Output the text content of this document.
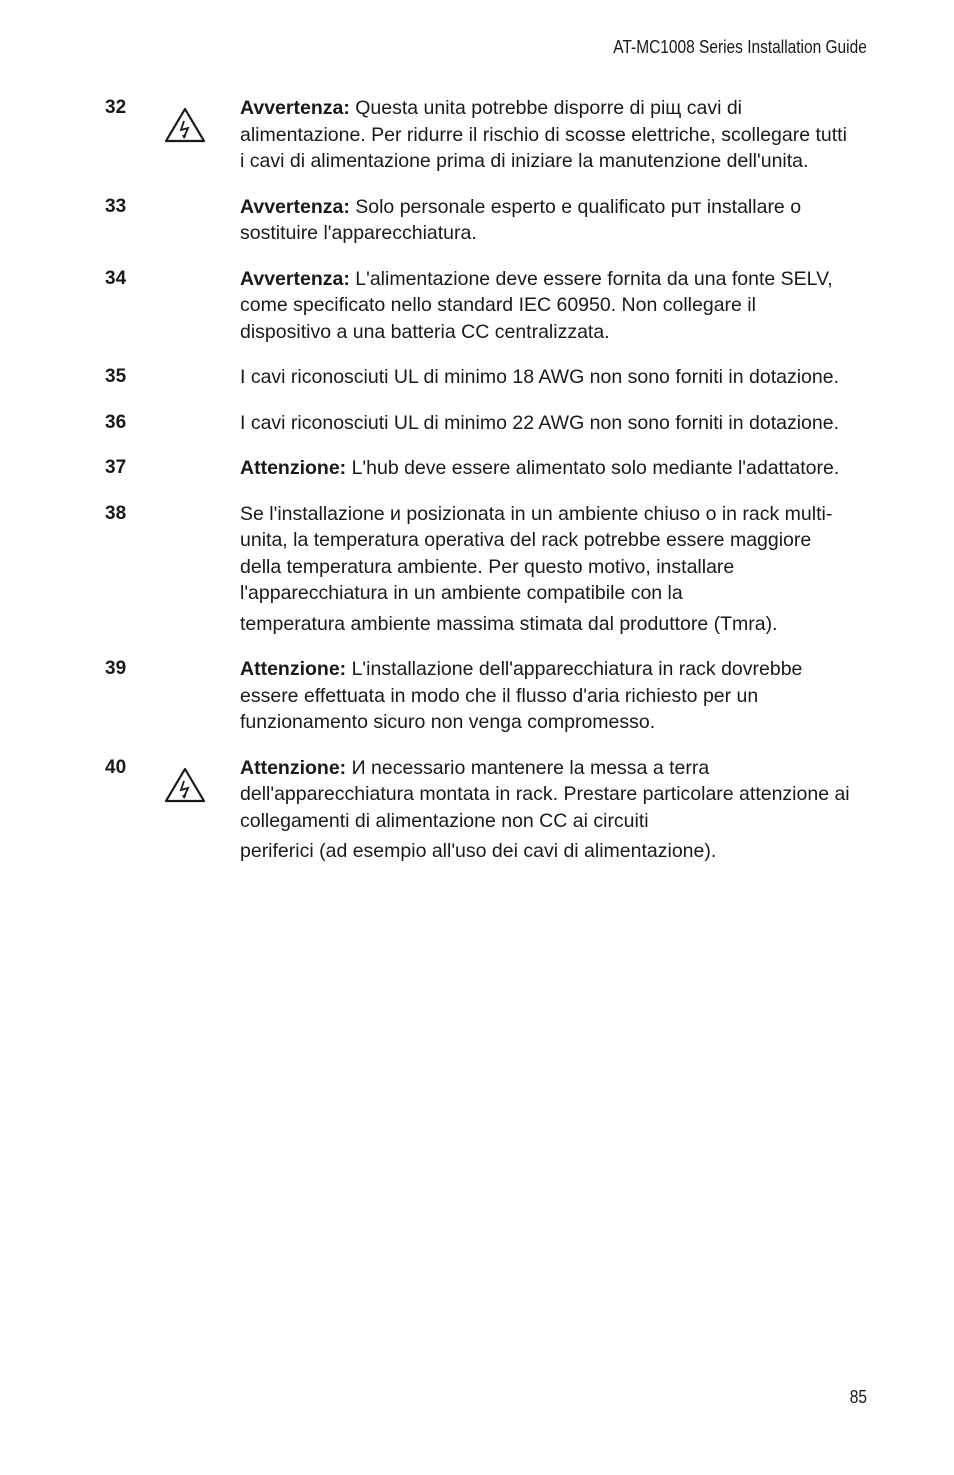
AT-MC1008 Series Installation Guide
32	Avvertenza: Questa unita potrebbe disporre di рiщ cavi di alimentazione. Per ridurre il rischio di scosse elettriche, scollegare tutti i cavi di alimentazione prima di iniziare la manutenzione dell'unita.
33	Avvertenza: Solo personale esperto e qualificato puт installare o sostituire l'apparecchiatura.
34	Avvertenza: L'alimentazione deve essere fornita da una fonte SELV, come specificato nello standard IEC 60950. Non collegare il dispositivo a una batteria CC centralizzata.
35	I cavi riconosciuti UL di minimo 18 AWG non sono forniti in dotazione.
36	I cavi riconosciuti UL di minimo 22 AWG non sono forniti in dotazione.
37	Attenzione: L'hub deve essere alimentato solo mediante l'adattatore.
38	Se l'installazione и posizionata in un ambiente chiuso o in rack multi-unita, la temperatura operativa del rack potrebbe essere maggiore della temperatura ambiente. Per questo motivo, installare l'apparecchiatura in un ambiente compatibile con la
temperatura ambiente massima stimata dal produttore (Tmra).
39	Attenzione: L'installazione dell'apparecchiatura in rack dovrebbe essere effettuata in modo che il flusso d'aria richiesto per un funzionamento sicuro non venga compromesso.
40	Attenzione: И necessario mantenere la messa a terra dell'apparecchiatura montata in rack. Prestare particolare attenzione ai collegamenti di alimentazione non CC ai circuiti
periferici (ad esempio all'uso dei cavi di alimentazione).
85
